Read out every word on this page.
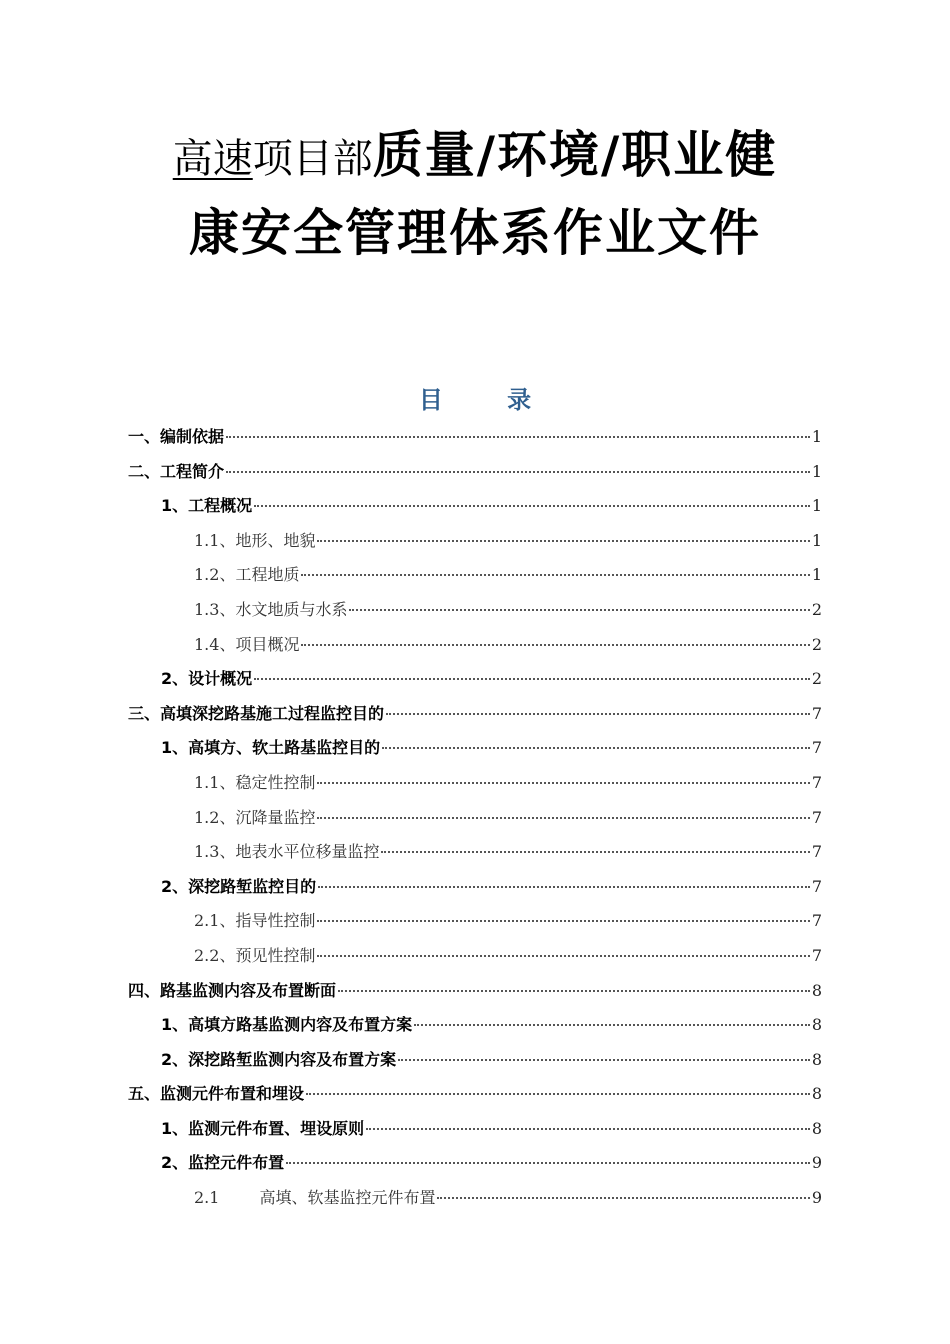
高速项目部质量/环境/职业健
康安全管理体系作业文件
目 录
一、编制依据	1
二、工程简介	1
1、工程概况	1
1.1、地形、地貌	1
1.2、工程地质	1
1.3、水文地质与水系	2
1.4、项目概况	2
2、设计概况	2
三、高填深挖路基施工过程监控目的	7
1、高填方、软土路基监控目的	7
1.1、稳定性控制	7
1.2、沉降量监控	7
1.3、地表水平位移量监控	7
2、深挖路堑监控目的	7
2.1、指导性控制	7
2.2、预见性控制	7
四、路基监测内容及布置断面	8
1、高填方路基监测内容及布置方案	8
2、深挖路堑监测内容及布置方案	8
五、监测元件布置和埋设	8
1、监测元件布置、埋设原则	8
2、监控元件布置	9
2.1	高填、软基监控元件布置	9
